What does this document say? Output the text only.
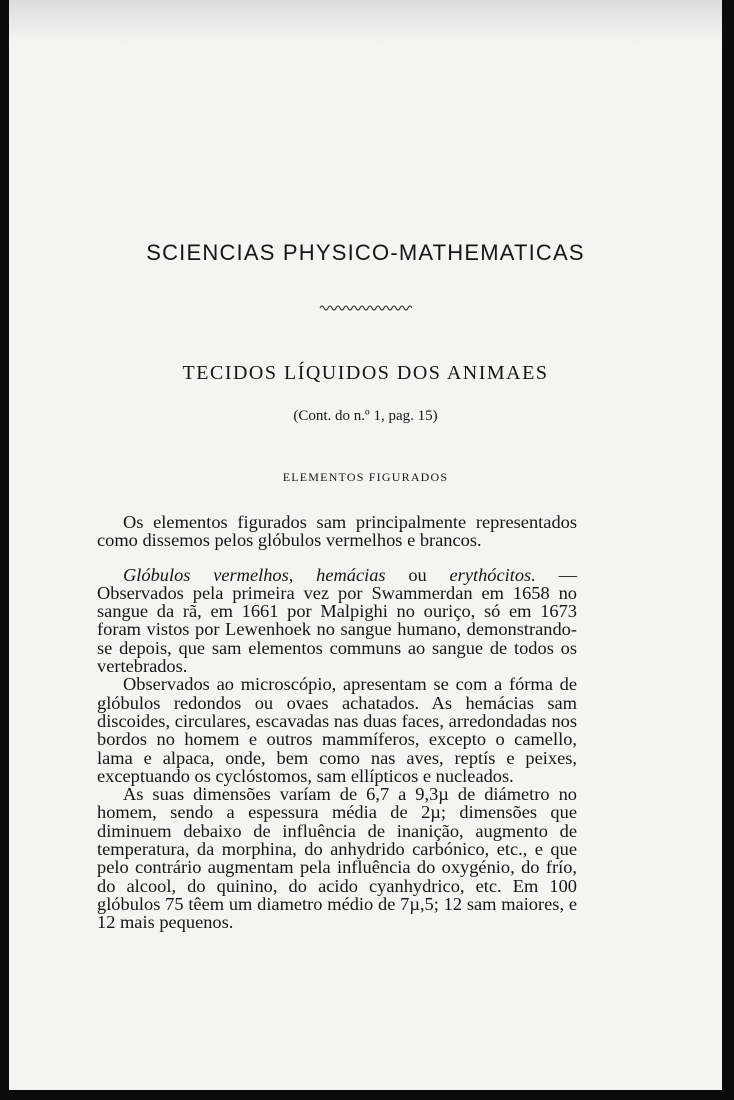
SCIENCIAS PHYSICO-MATHEMATICAS
TECIDOS LÍQUIDOS DOS ANIMAES
(Cont. do n.º 1, pag. 15)
ELEMENTOS FIGURADOS

Os elementos figurados sam principalmente representados como dissemos pelos glóbulos vermelhos e brancos.

Glóbulos vermelhos, hemácias ou erythócitos. — Observados pela primeira vez por Swammerdan em 1658 no sangue da rã, em 1661 por Malpighi no ouriço, só em 1673 foram vistos por Lewenhoek no sangue humano, demonstrando-se depois, que sam elementos communs ao sangue de todos os vertebrados.

Observados ao microscópio, apresentam se com a fórma de glóbulos redondos ou ovaes achatados. As hemácias sam discoides, circulares, escavadas nas duas faces, arredondadas nos bordos no homem e outros mammíferos, excepto o camello, lama e alpaca, onde, bem como nas aves, reptís e peixes, exceptuando os cyclóstomos, sam ellípticos e nucleados.

As suas dimensões varíam de 6,7 a 9,3µ de diámetro no homem, sendo a espessura média de 2µ; dimensões que diminuem debaixo de influência de inanição, augmento de temperatura, da morphina, do anhydrido carbónico, etc., e que pelo contrário augmentam pela influência do oxygénio, do frío, do alcool, do quinino, do acido cyanhydrico, etc. Em 100 glóbulos 75 têem um diametro médio de 7µ,5; 12 sam maiores, e 12 mais pequenos.
